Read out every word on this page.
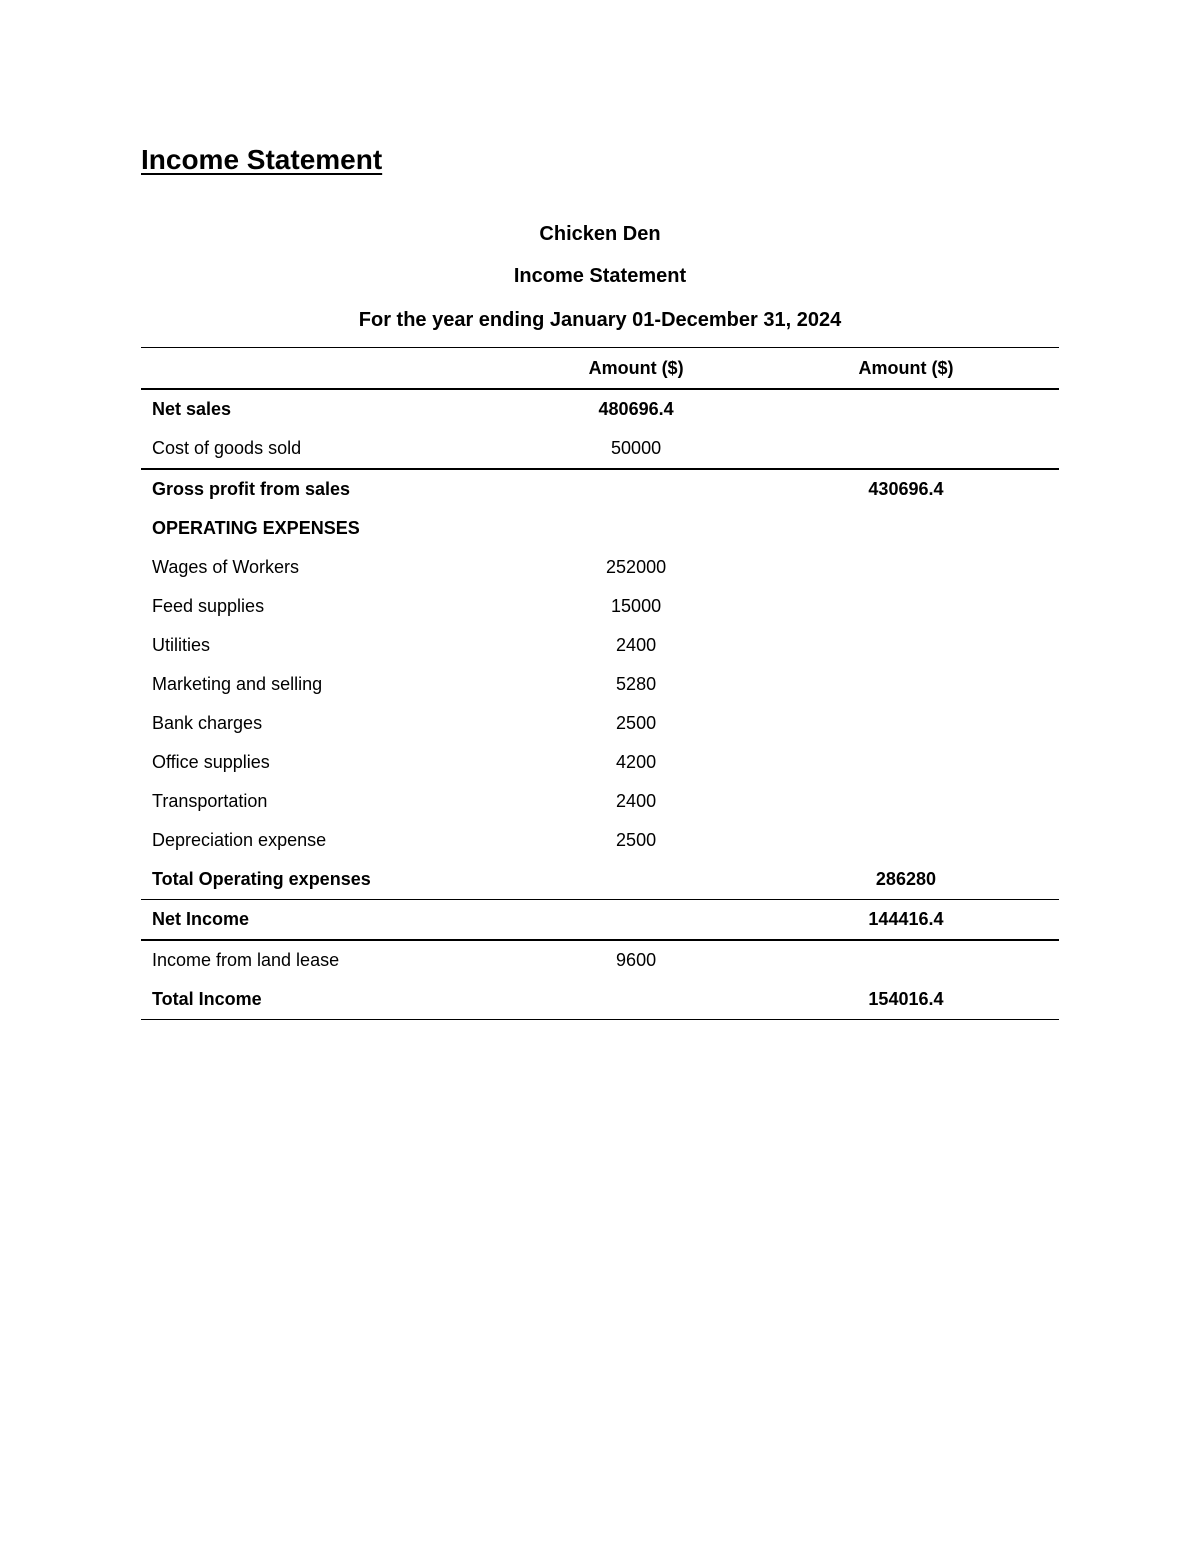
Income Statement
Chicken Den
Income Statement
For the year ending January 01-December 31, 2024
	Amount ($)	Amount ($)
Net sales	480696.4	
Cost of goods sold	50000	
Gross profit from sales		430696.4
OPERATING EXPENSES		
Wages of Workers	252000	
Feed supplies	15000	
Utilities	2400	
Marketing and selling	5280	
Bank charges	2500	
Office supplies	4200	
Transportation	2400	
Depreciation expense	2500	
Total Operating expenses		286280
Net Income		144416.4
Income from land lease	9600	
Total Income		154016.4
